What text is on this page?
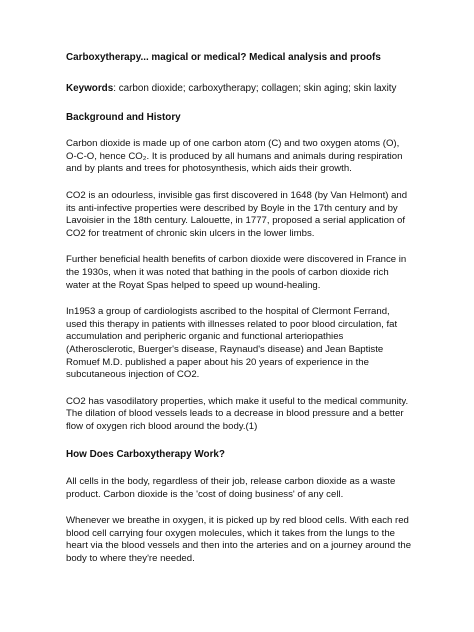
Carboxytherapy... magical or medical? Medical analysis and proofs

Keywords: carbon dioxide; carboxytherapy; collagen; skin aging; skin laxity

Background and History

Carbon dioxide is made up of one carbon atom (C) and two oxygen atoms (O),
O-C-O, hence CO₂. It is produced by all humans and animals during respiration
and by plants and trees for photosynthesis, which aids their growth.

CO2 is an odourless, invisible gas first discovered in 1648 (by Van Helmont) and
its anti-infective properties were described by Boyle in the 17th century and by
Lavoisier in the 18th century. Lalouette, in 1777, proposed a serial application of
CO2 for treatment of chronic skin ulcers in the lower limbs.

Further beneficial health benefits of carbon dioxide were discovered in France in
the 1930s, when it was noted that bathing in the pools of carbon dioxide rich
water at the Royat Spas helped to speed up wound-healing.

In1953 a group of cardiologists ascribed to the hospital of Clermont Ferrand,
used this therapy in patients with illnesses related to poor blood circulation, fat
accumulation and peripheric organic and functional arteriopathies
(Atherosclerotic, Buerger's disease, Raynaud's disease) and Jean Baptiste
Romuef M.D. published a paper about his 20 years of experience in the
subcutaneous injection of CO2.

CO2 has vasodilatory properties, which make it useful to the medical community.
The dilation of blood vessels leads to a decrease in blood pressure and a better
flow of oxygen rich blood around the body.(1)

How Does Carboxytherapy Work?

All cells in the body, regardless of their job, release carbon dioxide as a waste
product. Carbon dioxide is the 'cost of doing business' of any cell.

Whenever we breathe in oxygen, it is picked up by red blood cells. With each red
blood cell carrying four oxygen molecules, which it takes from the lungs to the
heart via the blood vessels and then into the arteries and on a journey around the
body to where they're needed.
